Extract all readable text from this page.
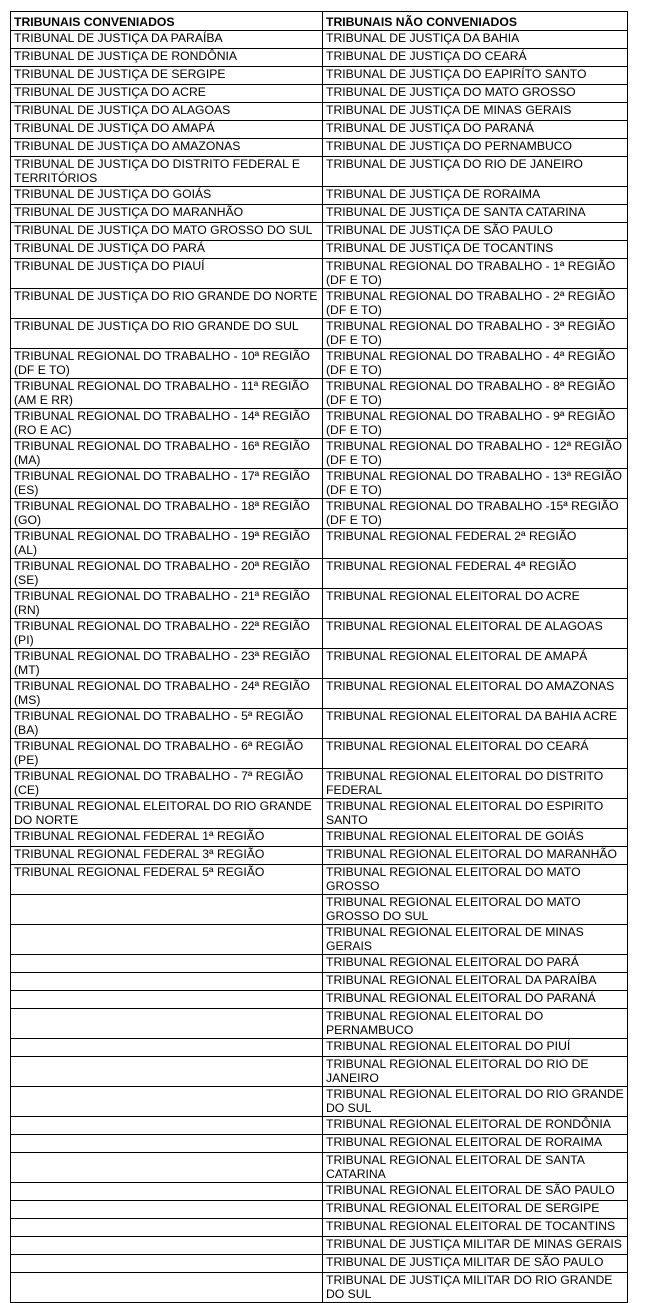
TRIBUNAIS CONVENIADOS	TRIBUNAIS NÃO CONVENIADOS
TRIBUNAL DE JUSTIÇA DA PARAÍBA	TRIBUNAL DE JUSTIÇA DA BAHIA
TRIBUNAL DE JUSTIÇA DE RONDÔNIA	TRIBUNAL DE JUSTIÇA DO CEARÁ
TRIBUNAL DE JUSTIÇA DE SERGIPE	TRIBUNAL DE JUSTIÇA DO EAPIRÍTO SANTO
TRIBUNAL DE JUSTIÇA DO ACRE	TRIBUNAL DE JUSTIÇA DO MATO GROSSO
TRIBUNAL DE JUSTIÇA DO ALAGOAS	TRIBUNAL DE JUSTIÇA DE MINAS GERAIS
TRIBUNAL DE JUSTIÇA DO AMAPÁ	TRIBUNAL DE JUSTIÇA DO PARANÁ
TRIBUNAL DE JUSTIÇA DO AMAZONAS	TRIBUNAL DE JUSTIÇA DO PERNAMBUCO
TRIBUNAL DE JUSTIÇA DO DISTRITO FEDERAL E TERRITÓRIOS	TRIBUNAL DE JUSTIÇA DO RIO DE JANEIRO
TRIBUNAL DE JUSTIÇA DO GOIÁS	TRIBUNAL DE JUSTIÇA DE RORAIMA
TRIBUNAL DE JUSTIÇA DO MARANHÃO	TRIBUNAL DE JUSTIÇA DE SANTA CATARINA
TRIBUNAL DE JUSTIÇA DO MATO GROSSO DO SUL	TRIBUNAL DE JUSTIÇA DE SÃO PAULO
TRIBUNAL DE JUSTIÇA DO PARÁ	TRIBUNAL DE JUSTIÇA DE TOCANTINS
TRIBUNAL DE JUSTIÇA DO PIAUÍ	TRIBUNAL REGIONAL DO TRABALHO - 1ª REGIÃO (DF E TO)
TRIBUNAL DE JUSTIÇA DO RIO GRANDE DO NORTE	TRIBUNAL REGIONAL DO TRABALHO - 2ª REGIÃO (DF E TO)
TRIBUNAL DE JUSTIÇA DO RIO GRANDE DO SUL	TRIBUNAL REGIONAL DO TRABALHO - 3ª REGIÃO (DF E TO)
TRIBUNAL REGIONAL DO TRABALHO - 10ª REGIÃO (DF E TO)	TRIBUNAL REGIONAL DO TRABALHO - 4ª REGIÃO (DF E TO)
TRIBUNAL REGIONAL DO TRABALHO - 11ª REGIÃO (AM E RR)	TRIBUNAL REGIONAL DO TRABALHO - 8ª REGIÃO (DF E TO)
TRIBUNAL REGIONAL DO TRABALHO - 14ª REGIÃO (RO E AC)	TRIBUNAL REGIONAL DO TRABALHO - 9ª REGIÃO (DF E TO)
TRIBUNAL REGIONAL DO TRABALHO - 16ª REGIÃO (MA)	TRIBUNAL REGIONAL DO TRABALHO - 12ª REGIÃO (DF E TO)
TRIBUNAL REGIONAL DO TRABALHO - 17ª REGIÃO (ES)	TRIBUNAL REGIONAL DO TRABALHO - 13ª REGIÃO (DF E TO)
TRIBUNAL REGIONAL DO TRABALHO - 18ª REGIÃO (GO)	TRIBUNAL REGIONAL DO TRABALHO -15ª REGIÃO (DF E TO)
TRIBUNAL REGIONAL DO TRABALHO - 19ª REGIÃO (AL)	TRIBUNAL REGIONAL FEDERAL 2ª REGIÃO
TRIBUNAL REGIONAL DO TRABALHO - 20ª REGIÃO (SE)	TRIBUNAL REGIONAL FEDERAL 4ª REGIÃO
TRIBUNAL REGIONAL DO TRABALHO - 21ª REGIÃO (RN)	TRIBUNAL REGIONAL ELEITORAL DO ACRE
TRIBUNAL REGIONAL DO TRABALHO - 22ª REGIÃO (PI)	TRIBUNAL REGIONAL ELEITORAL DE ALAGOAS
TRIBUNAL REGIONAL DO TRABALHO - 23ª REGIÃO (MT)	TRIBUNAL REGIONAL ELEITORAL DE AMAPÁ
TRIBUNAL REGIONAL DO TRABALHO - 24ª REGIÃO (MS)	TRIBUNAL REGIONAL ELEITORAL DO AMAZONAS
TRIBUNAL REGIONAL DO TRABALHO - 5ª REGIÃO (BA)	TRIBUNAL REGIONAL ELEITORAL DA BAHIA ACRE
TRIBUNAL REGIONAL DO TRABALHO - 6ª REGIÃO (PE)	TRIBUNAL REGIONAL ELEITORAL DO CEARÁ
TRIBUNAL REGIONAL DO TRABALHO - 7ª REGIÃO (CE)	TRIBUNAL REGIONAL ELEITORAL DO DISTRITO FEDERAL
TRIBUNAL REGIONAL ELEITORAL DO RIO GRANDE DO NORTE	TRIBUNAL REGIONAL ELEITORAL DO ESPIRITO SANTO
TRIBUNAL REGIONAL FEDERAL 1ª REGIÃO	TRIBUNAL REGIONAL ELEITORAL DE GOIÁS
TRIBUNAL REGIONAL FEDERAL 3ª REGIÃO	TRIBUNAL REGIONAL ELEITORAL DO MARANHÃO
TRIBUNAL REGIONAL FEDERAL 5ª REGIÃO	TRIBUNAL REGIONAL ELEITORAL DO MATO GROSSO
	TRIBUNAL REGIONAL ELEITORAL DO MATO GROSSO DO SUL
	TRIBUNAL REGIONAL ELEITORAL DE MINAS GERAIS
	TRIBUNAL REGIONAL ELEITORAL DO PARÁ
	TRIBUNAL REGIONAL ELEITORAL DA PARAÍBA
	TRIBUNAL REGIONAL ELEITORAL DO PARANÁ
	TRIBUNAL REGIONAL ELEITORAL DO PERNAMBUCO
	TRIBUNAL REGIONAL ELEITORAL DO PIUÍ
	TRIBUNAL REGIONAL ELEITORAL DO RIO DE JANEIRO
	TRIBUNAL REGIONAL ELEITORAL DO RIO GRANDE DO SUL
	TRIBUNAL REGIONAL ELEITORAL DE RONDÔNIA
	TRIBUNAL REGIONAL ELEITORAL DE RORAIMA
	TRIBUNAL REGIONAL ELEITORAL DE SANTA CATARINA
	TRIBUNAL REGIONAL ELEITORAL DE SÃO PAULO
	TRIBUNAL REGIONAL ELEITORAL DE SERGIPE
	TRIBUNAL REGIONAL ELEITORAL DE TOCANTINS
	TRIBUNAL DE JUSTIÇA MILITAR DE MINAS GERAIS
	TRIBUNAL DE JUSTIÇA MILITAR DE SÃO PAULO
	TRIBUNAL DE JUSTIÇA MILITAR DO RIO GRANDE DO SUL
